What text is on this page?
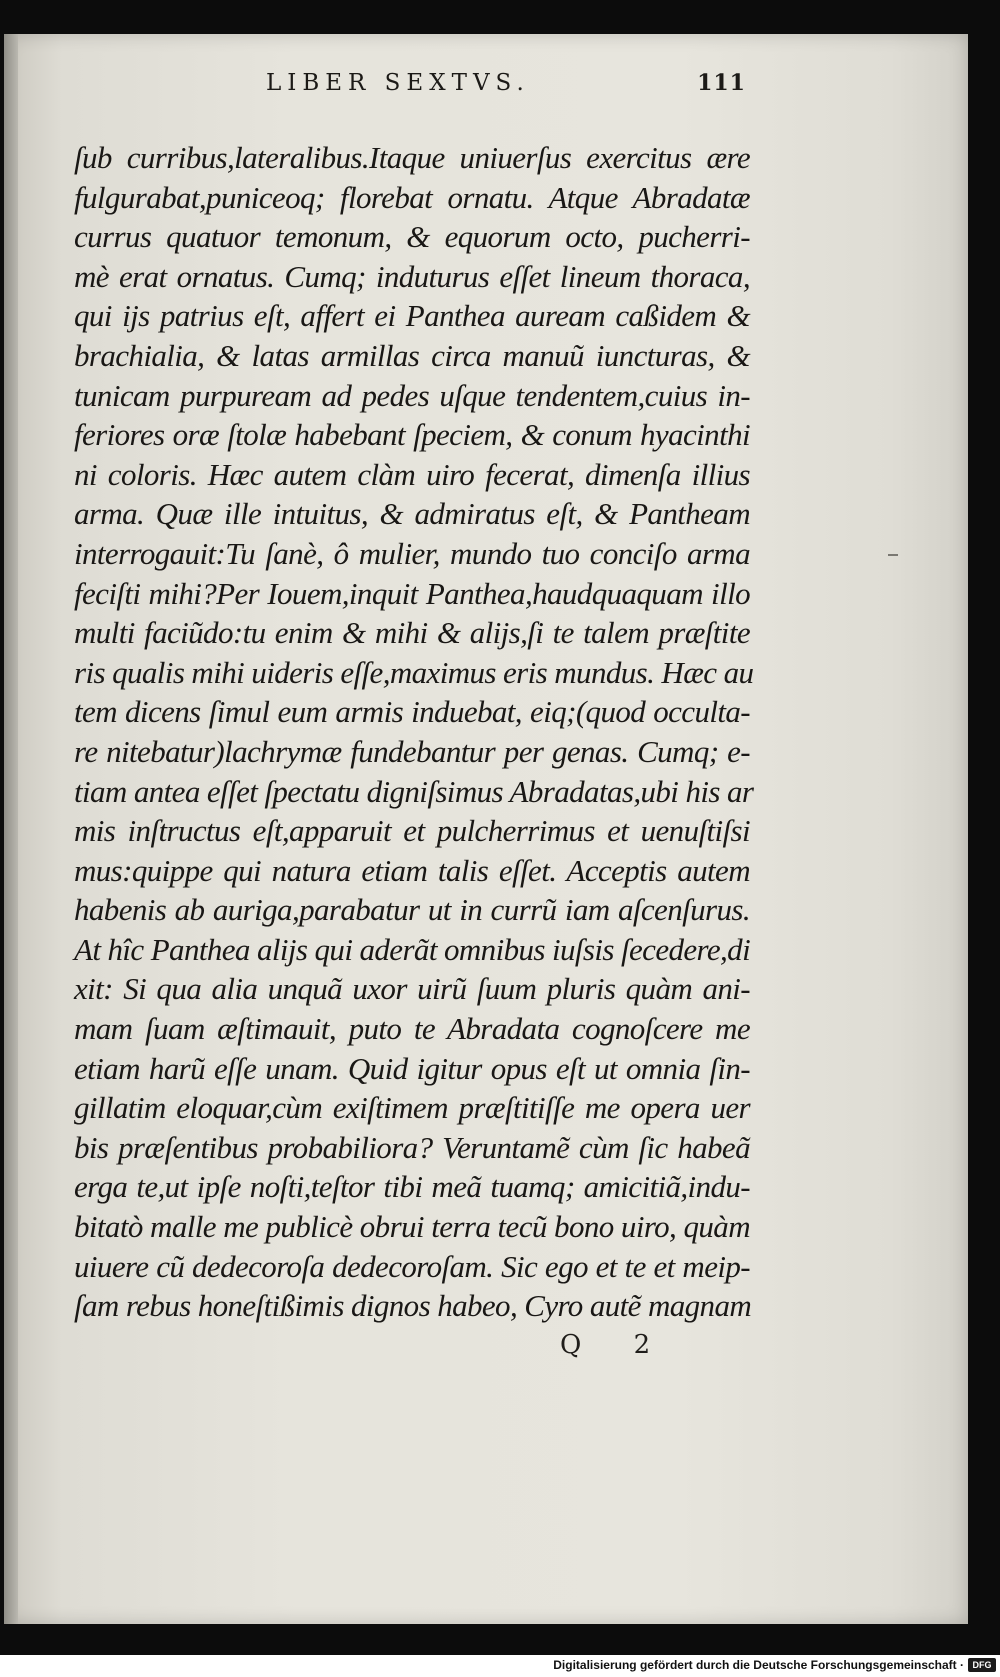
LIBER SEXTVS.	111
ſub curribus,lateralibus.Itaque uniuerſus exercitus ære
fulgurabat,puniceoq; florebat ornatu. Atque Abradatæ
currus quatuor temonum, & equorum octo, pucherri-
mè erat ornatus. Cumq; induturus eſſet lineum thoraca,
qui ijs patrius eſt, affert ei Panthea auream caßidem &
brachialia, & latas armillas circa manuũ iuncturas, &
tunicam purpuream ad pedes uſque tendentem,cuius in-
feriores oræ ſtolæ habebant ſpeciem, & conum hyacinthi
ni coloris. Hæc autem clàm uiro fecerat, dimenſa illius
arma. Quæ ille intuitus, & admiratus eſt, & Pantheam
interrogauit:Tu ſanè, ô mulier, mundo tuo conciſo arma
feciſti mihi?Per Iouem,inquit Panthea,haudquaquam illo
multi faciũdo:tu enim & mihi & alijs,ſi te talem præſtite
ris qualis mihi uideris eſſe,maximus eris mundus. Hæc au
tem dicens ſimul eum armis induebat, eiq;(quod occulta-
re nitebatur)lachrymæ fundebantur per genas. Cumq; e-
tiam antea eſſet ſpectatu digniſsimus Abradatas,ubi his ar
mis inſtructus eſt,apparuit et pulcherrimus et uenuſtiſsi
mus:quippe qui natura etiam talis eſſet. Acceptis autem
habenis ab auriga,parabatur ut in currũ iam aſcenſurus.
At hîc Panthea alijs qui aderãt omnibus iuſsis ſecedere,di
xit: Si qua alia unquã uxor uirũ ſuum pluris quàm ani-
mam ſuam æſtimauit, puto te Abradata cognoſcere me
etiam harũ eſſe unam. Quid igitur opus eſt ut omnia ſin-
gillatim eloquar,cùm exiſtimem præſtitiſſe me opera uer
bis præſentibus probabiliora? Veruntamẽ cùm ſic habeã
erga te,ut ipſe noſti,teſtor tibi meã tuamq; amicitiã,indu-
bitatò malle me publicè obrui terra tecũ bono uiro, quàm
uiuere cũ dedecoroſa dedecoroſam. Sic ego et te et meip-
ſam rebus honeſtißimis dignos habeo, Cyro autẽ magnam
Q 2
Digitalisierung gefördert durch die Deutsche Forschungsgemeinschaft · DFG
